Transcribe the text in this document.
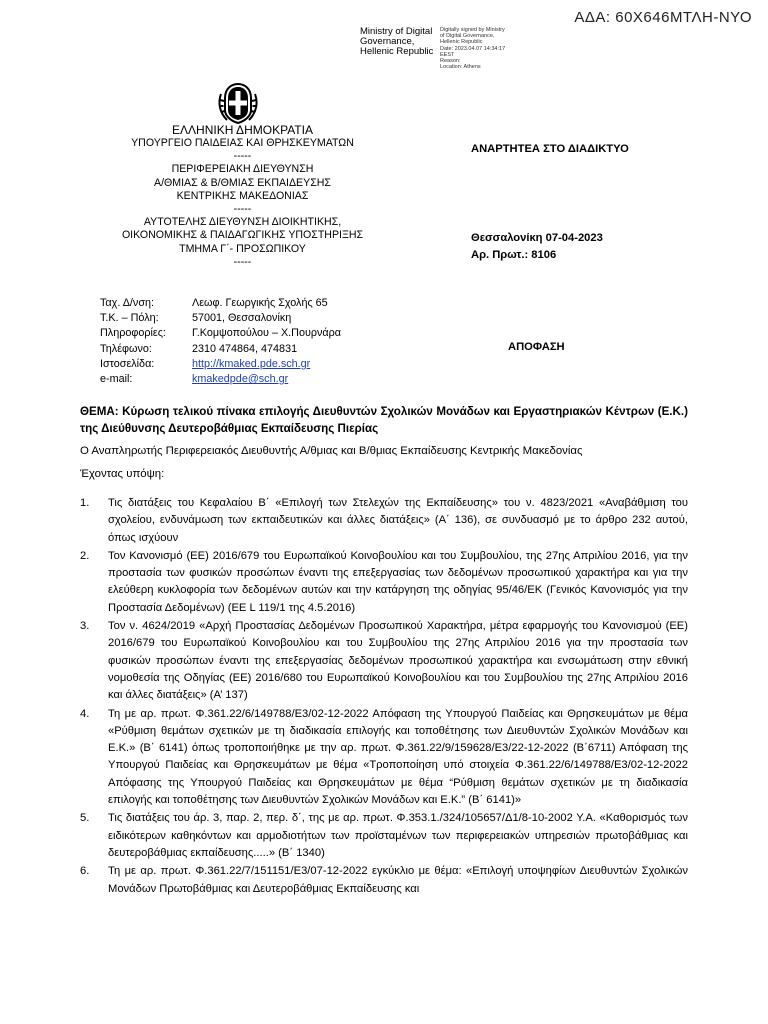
ΑΔΑ: 60Χ646ΜΤΛΗ-ΝΥΟ
Ministry of Digital Governance, Hellenic Republic
Digitally signed by Ministry
of Digital Governance,
Hellenic Republic
Date: 2023.04.07 14:34:17
EEST
Reason:
Location: Athens
ΕΛΛΗΝΙΚΗ ΔΗΜΟΚΡΑΤΙΑ
ΥΠΟΥΡΓΕΙΟ ΠΑΙΔΕΙΑΣ ΚΑΙ ΘΡΗΣΚΕΥΜΑΤΩΝ
-----
ΠΕΡΙΦΕΡΕΙΑΚΗ ΔΙΕΥΘΥΝΣΗ
Α/ΘΜΙΑΣ & Β/ΘΜΙΑΣ ΕΚΠΑΙΔΕΥΣΗΣ
ΚΕΝΤΡΙΚΗΣ ΜΑΚΕΔΟΝΙΑΣ
-----
ΑΥΤΟΤΕΛΗΣ ΔΙΕΥΘΥΝΣΗ ΔΙΟΙΚΗΤΙΚΗΣ,
ΟΙΚΟΝΟΜΙΚΗΣ & ΠΑΙΔΑΓΩΓΙΚΗΣ ΥΠΟΣΤΗΡΙΞΗΣ
ΤΜΗΜΑ Γ΄- ΠΡΟΣΩΠΙΚΟΥ
-----
ΑΝΑΡΤΗΤΕΑ ΣΤΟ ΔΙΑΔΙΚΤΥΟ
Θεσσαλονίκη 07-04-2023
Αρ. Πρωτ.: 8106
ΑΠΟΦΑΣΗ
Ταχ. Δ/νση:	Λεωφ. Γεωργικής Σχολής 65
Τ.Κ. – Πόλη:	57001, Θεσσαλονίκη
Πληροφορίες:	Γ.Κομψοπούλου – Χ.Πουρνάρα
Τηλέφωνο:	2310 474864, 474831
Ιστοσελίδα:	http://kmaked.pde.sch.gr
e-mail:	kmakedpde@sch.gr
ΘΕΜΑ: Κύρωση τελικού πίνακα επιλογής Διευθυντών Σχολικών Μονάδων και Εργαστηριακών Κέντρων (Ε.Κ.) της Διεύθυνσης Δευτεροβάθμιας Εκπαίδευσης Πιερίας
Ο Αναπληρωτής Περιφερειακός Διευθυντής Α/θμιας και Β/θμιας Εκπαίδευσης Κεντρικής Μακεδονίας
Έχοντας υπόψη:
1. Τις διατάξεις του Κεφαλαίου Β΄ «Επιλογή των Στελεχών της Εκπαίδευσης» του ν. 4823/2021 «Αναβάθμιση του σχολείου, ενδυνάμωση των εκπαιδευτικών και άλλες διατάξεις» (Α΄ 136), σε συνδυασμό με το άρθρο 232 αυτού, όπως ισχύουν
2. Τον Κανονισμό (ΕΕ) 2016/679 του Ευρωπαϊκού Κοινοβουλίου και του Συμβουλίου, της 27ης Απριλίου 2016, για την προστασία των φυσικών προσώπων έναντι της επεξεργασίας των δεδομένων προσωπικού χαρακτήρα και για την ελεύθερη κυκλοφορία των δεδομένων αυτών και την κατάργηση της οδηγίας 95/46/ΕΚ (Γενικός Κανονισμός για την Προστασία Δεδομένων) (ΕΕ L 119/1 της 4.5.2016)
3. Τον ν. 4624/2019 «Αρχή Προστασίας Δεδομένων Προσωπικού Χαρακτήρα, μέτρα εφαρμογής του Κανονισμού (ΕΕ) 2016/679 του Ευρωπαϊκού Κοινοβουλίου και του Συμβουλίου της 27ης Απριλίου 2016 για την προστασία των φυσικών προσώπων έναντι της επεξεργασίας δεδομένων προσωπικού χαρακτήρα και ενσωμάτωση στην εθνική νομοθεσία της Οδηγίας (ΕΕ) 2016/680 του Ευρωπαϊκού Κοινοβουλίου και του Συμβουλίου της 27ης Απριλίου 2016 και άλλες διατάξεις» (Α’ 137)
4. Τη με αρ. πρωτ. Φ.361.22/6/149788/Ε3/02-12-2022 Απόφαση της Υπουργού Παιδείας και Θρησκευμάτων με θέμα «Ρύθμιση θεμάτων σχετικών με τη διαδικασία επιλογής και τοποθέτησης των Διευθυντών Σχολικών Μονάδων και Ε.Κ.» (Β΄ 6141) όπως τροποποιήθηκε με την αρ. πρωτ. Φ.361.22/9/159628/Ε3/22-12-2022 (Β΄6711) Απόφαση της Υπουργού Παιδείας και Θρησκευμάτων με θέμα «Τροποποίηση υπό στοιχεία Φ.361.22/6/149788/Ε3/02-12-2022 Απόφασης της Υπουργού Παιδείας και Θρησκευμάτων με θέμα “Ρύθμιση θεμάτων σχετικών με τη διαδικασία επιλογής και τοποθέτησης των Διευθυντών Σχολικών Μονάδων και Ε.Κ.” (Β΄ 6141)»
5. Τις διατάξεις του άρ. 3, παρ. 2, περ. δ΄, της με αρ. πρωτ. Φ.353.1./324/105657/Δ1/8-10-2002 Υ.Α. «Καθορισμός των ειδικότερων καθηκόντων και αρμοδιοτήτων των προϊσταμένων των περιφερειακών υπηρεσιών πρωτοβάθμιας και δευτεροβάθμιας εκπαίδευσης.....» (Β΄ 1340)
6. Τη με αρ. πρωτ. Φ.361.22/7/151151/Ε3/07-12-2022 εγκύκλιο με θέμα: «Επιλογή υποψηφίων Διευθυντών Σχολικών Μονάδων Πρωτοβάθμιας και Δευτεροβάθμιας Εκπαίδευσης και
